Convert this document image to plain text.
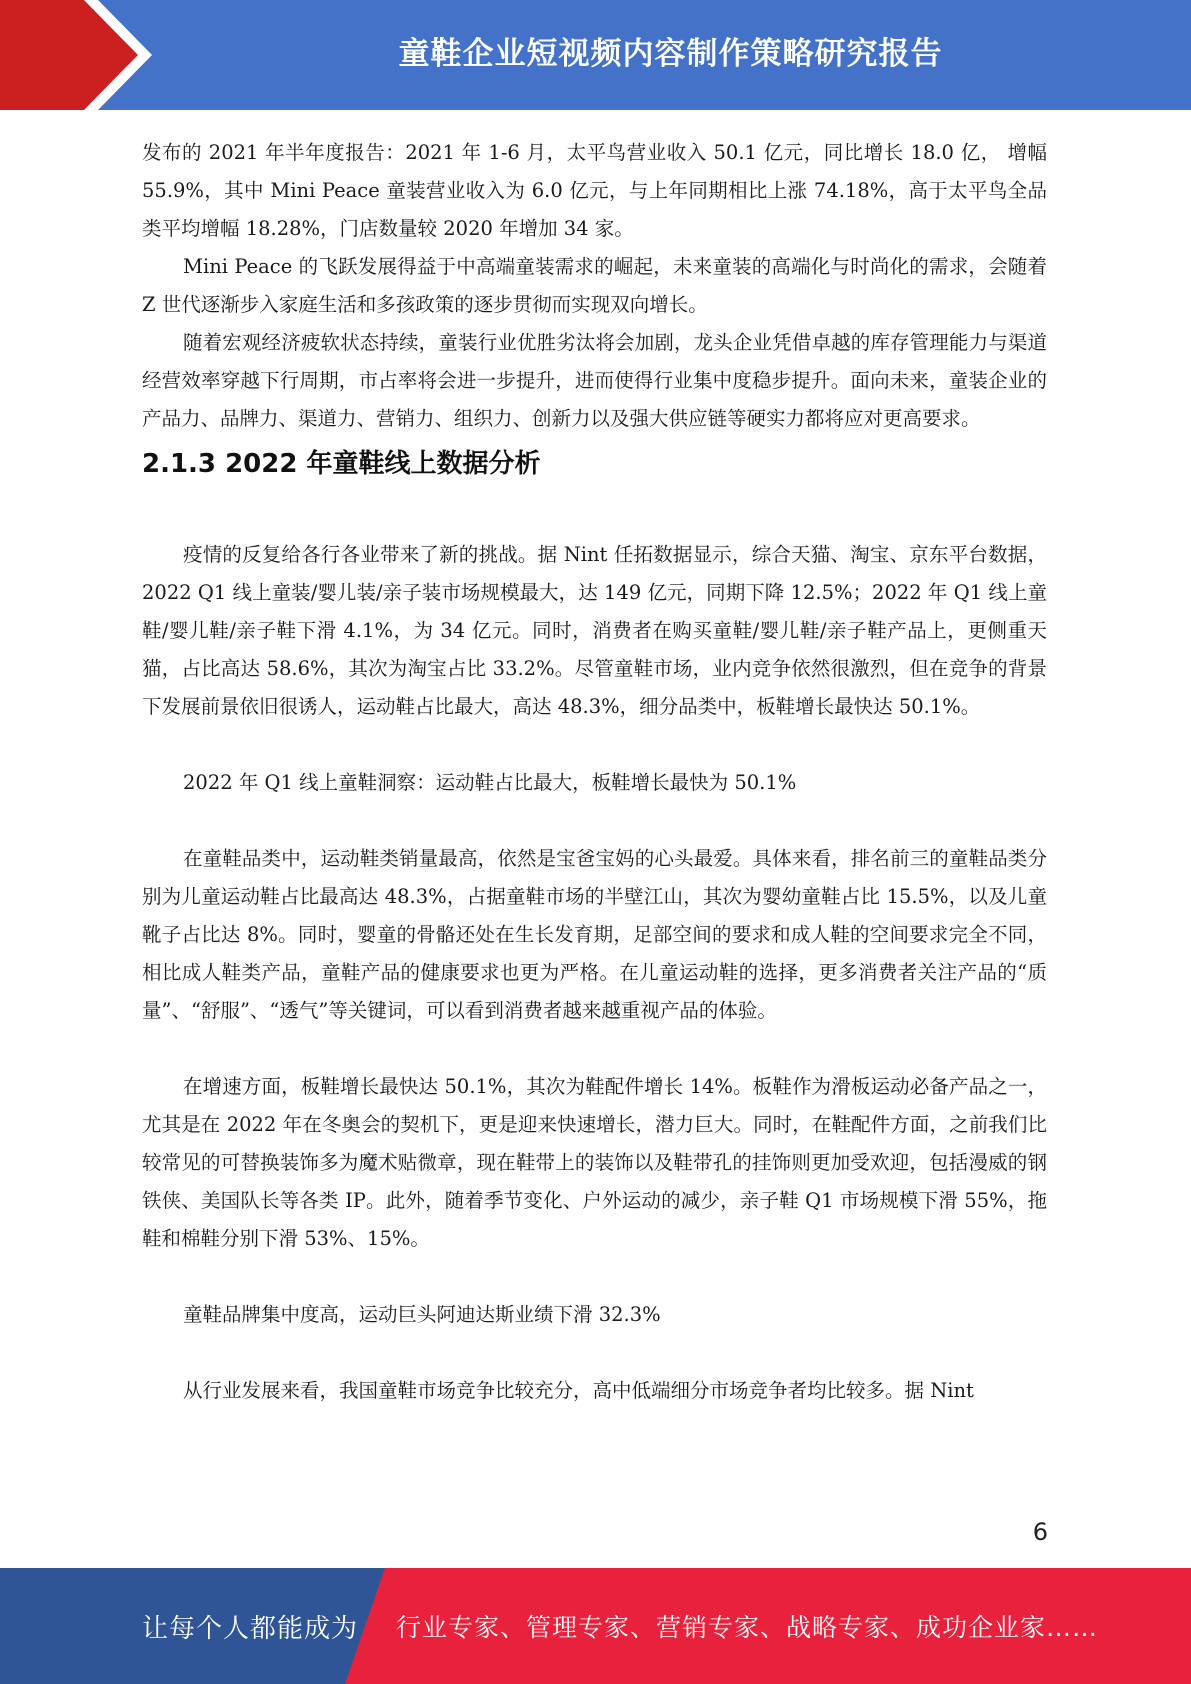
童鞋企业短视频内容制作策略研究报告

发布的 2021 年半年度报告：2021 年 1-6 月，太平鸟营业收入 50.1 亿元，同比增长 18.0 亿， 增幅 55.9%，其中 Mini Peace 童装营业收入为 6.0 亿元，与上年同期相比上涨 74.18%，高于太平鸟全品类平均增幅 18.28%，门店数量较 2020 年增加 34 家。

Mini Peace 的飞跃发展得益于中高端童装需求的崛起，未来童装的高端化与时尚化的需求，会随着 Z 世代逐渐步入家庭生活和多孩政策的逐步贯彻而实现双向增长。

随着宏观经济疲软状态持续，童装行业优胜劣汰将会加剧，龙头企业凭借卓越的库存管理能力与渠道经营效率穿越下行周期，市占率将会进一步提升，进而使得行业集中度稳步提升。面向未来，童装企业的产品力、品牌力、渠道力、营销力、组织力、创新力以及强大供应链等硬实力都将应对更高要求。

2.1.3 2022 年童鞋线上数据分析

疫情的反复给各行各业带来了新的挑战。据 Nint 任拓数据显示，综合天猫、淘宝、京东平台数据，2022 Q1 线上童装/婴儿装/亲子装市场规模最大，达 149 亿元，同期下降 12.5%；2022 年 Q1 线上童鞋/婴儿鞋/亲子鞋下滑 4.1%，为 34 亿元。同时，消费者在购买童鞋/婴儿鞋/亲子鞋产品上，更侧重天猫，占比高达 58.6%，其次为淘宝占比 33.2%。尽管童鞋市场，业内竞争依然很激烈，但在竞争的背景下发展前景依旧很诱人，运动鞋占比最大，高达 48.3%，细分品类中，板鞋增长最快达 50.1%。

2022 年 Q1 线上童鞋洞察：运动鞋占比最大，板鞋增长最快为 50.1%

在童鞋品类中，运动鞋类销量最高，依然是宝爸宝妈的心头最爱。具体来看，排名前三的童鞋品类分别为儿童运动鞋占比最高达 48.3%，占据童鞋市场的半壁江山，其次为婴幼童鞋占比 15.5%，以及儿童靴子占比达 8%。同时，婴童的骨骼还处在生长发育期，足部空间的要求和成人鞋的空间要求完全不同，相比成人鞋类产品，童鞋产品的健康要求也更为严格。在儿童运动鞋的选择，更多消费者关注产品的“质量”、“舒服”、“透气”等关键词，可以看到消费者越来越重视产品的体验。

在增速方面，板鞋增长最快达 50.1%，其次为鞋配件增长 14%。板鞋作为滑板运动必备产品之一，尤其是在 2022 年在冬奥会的契机下，更是迎来快速增长，潜力巨大。同时，在鞋配件方面，之前我们比较常见的可替换装饰多为魔术贴微章，现在鞋带上的装饰以及鞋带孔的挂饰则更加受欢迎，包括漫威的钢铁侠、美国队长等各类 IP。此外，随着季节变化、户外运动的减少，亲子鞋 Q1 市场规模下滑 55%，拖鞋和棉鞋分别下滑 53%、15%。

童鞋品牌集中度高，运动巨头阿迪达斯业绩下滑 32.3%

从行业发展来看，我国童鞋市场竞争比较充分，高中低端细分市场竞争者均比较多。据 Nint

6
让每个人都能成为 行业专家、管理专家、营销专家、战略专家、成功企业家……
